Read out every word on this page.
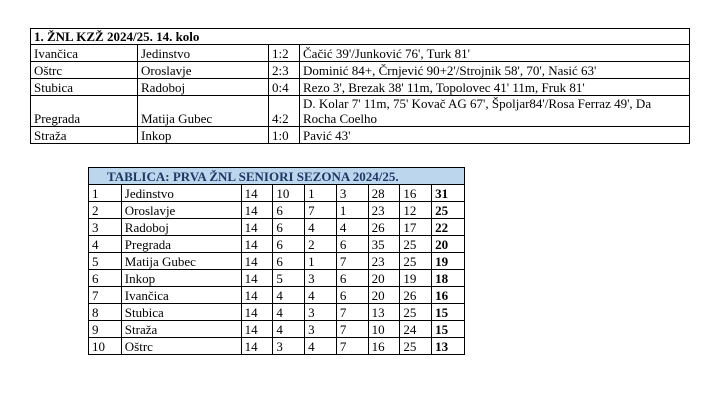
1. ŽNL KZŽ 2024/25. 14. kolo			
Ivančica	Jedinstvo	1:2	Čačić 39'/Junković 76', Turk 81'
Oštrc	Oroslavje	2:3	Dominić 84+, Črnjević 90+2'/Strojnik 58', 70', Nasić 63'
Stubica	Radoboj	0:4	Rezo 3', Brezak 38' 11m, Topolovec 41' 11m, Fruk 81'
Pregrada	Matija Gubec	4:2	D. Kolar 7' 11m, 75' Kovač AG 67', Špoljar84'/Rosa Ferraz 49', Da Rocha Coelho
Straža	Inkop	1:0	Pavić 43'
TABLICA: PRVA ŽNL SENIORI SEZONA 2024/25.								
1	Jedinstvo	14	10	1	3	28	16	31
2	Oroslavje	14	6	7	1	23	12	25
3	Radoboj	14	6	4	4	26	17	22
4	Pregrada	14	6	2	6	35	25	20
5	Matija Gubec	14	6	1	7	23	25	19
6	Inkop	14	5	3	6	20	19	18
7	Ivančica	14	4	4	6	20	26	16
8	Stubica	14	4	3	7	13	25	15
9	Straža	14	4	3	7	10	24	15
10	Oštrc	14	3	4	7	16	25	13
